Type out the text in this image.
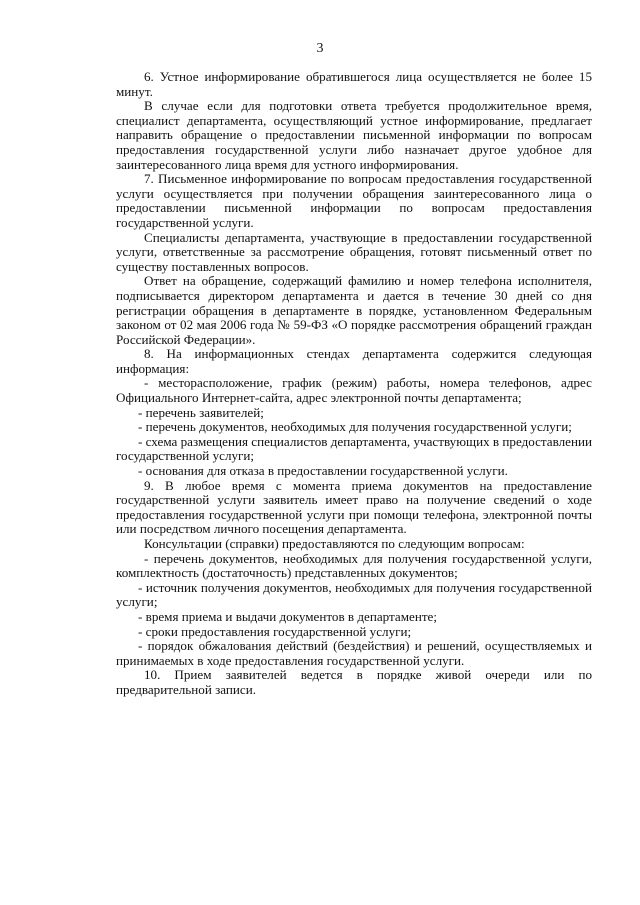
3

6. Устное информирование обратившегося лица осуществляется не более 15 минут.

В случае если для подготовки ответа требуется продолжительное время, специалист департамента, осуществляющий устное информирование, предлагает направить обращение о предоставлении письменной информации по вопросам предоставления государственной услуги либо назначает другое удобное для заинтересованного лица время для устного информирования.

7. Письменное информирование по вопросам предоставления государственной услуги осуществляется при получении обращения заинтересованного лица о предоставлении письменной информации по вопросам предоставления государственной услуги.

Специалисты департамента, участвующие в предоставлении государственной услуги, ответственные за рассмотрение обращения, готовят письменный ответ по существу поставленных вопросов.

Ответ на обращение, содержащий фамилию и номер телефона исполнителя, подписывается директором департамента и дается в течение 30 дней со дня регистрации обращения в департаменте в порядке, установленном Федеральным законом от 02 мая 2006 года № 59-ФЗ «О порядке рассмотрения обращений граждан Российской Федерации».

8. На информационных стендах департамента содержится следующая информация:

- месторасположение, график (режим) работы, номера телефонов, адрес Официального Интернет-сайта, адрес электронной почты департамента;

- перечень заявителей;

- перечень документов, необходимых для получения государственной услуги;

- схема размещения специалистов департамента, участвующих в предоставлении государственной услуги;

- основания для отказа в предоставлении государственной услуги.

9. В любое время с момента приема документов на предоставление государственной услуги заявитель имеет право на получение сведений о ходе предоставления государственной услуги при помощи телефона, электронной почты или посредством личного посещения департамента.

Консультации (справки) предоставляются по следующим вопросам:

- перечень документов, необходимых для получения государственной услуги, комплектность (достаточность) представленных документов;

- источник получения документов, необходимых для получения государственной услуги;

- время приема и выдачи документов в департаменте;

- сроки предоставления государственной услуги;

- порядок обжалования действий (бездействия) и решений, осуществляемых и принимаемых в ходе предоставления государственной услуги.

10. Прием заявителей ведется в порядке живой очереди или по предварительной записи.
